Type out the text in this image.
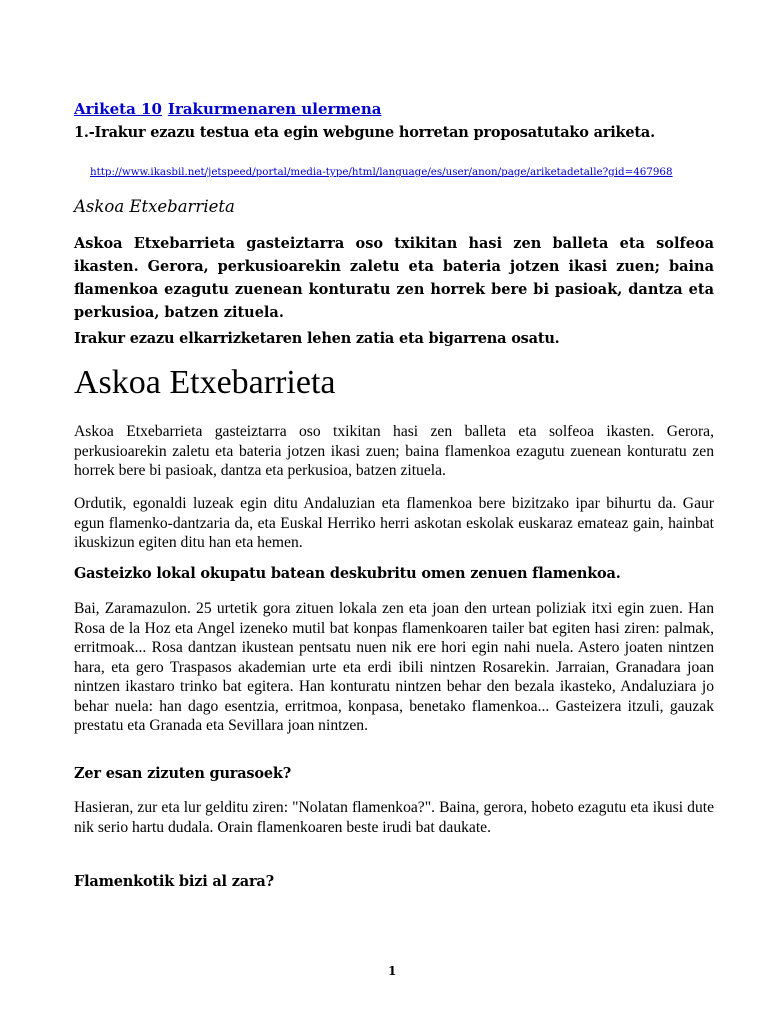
Ariketa 10 Irakurmenaren ulermena
1.-Irakur ezazu testua eta egin webgune horretan proposatutako ariketa.
http://www.ikasbil.net/jetspeed/portal/media-type/html/language/es/user/anon/page/ariketadetalle?gid=467968
Askoa Etxebarrieta

Askoa Etxebarrieta gasteiztarra oso txikitan hasi zen balleta eta solfeoa ikasten. Gerora, perkusioarekin zaletu eta bateria jotzen ikasi zuen; baina flamenkoa ezagutu zuenean konturatu zen horrek bere bi pasioak, dantza eta perkusioa, batzen zituela.

Irakur ezazu elkarrizketaren lehen zatia eta bigarrena osatu.

Askoa Etxebarrieta

Askoa Etxebarrieta gasteiztarra oso txikitan hasi zen balleta eta solfeoa ikasten. Gerora, perkusioarekin zaletu eta bateria jotzen ikasi zuen; baina flamenkoa ezagutu zuenean konturatu zen horrek bere bi pasioak, dantza eta perkusioa, batzen zituela.

Ordutik, egonaldi luzeak egin ditu Andaluzian eta flamenkoa bere bizitzako ipar bihurtu da. Gaur egun flamenko-dantzaria da, eta Euskal Herriko herri askotan eskolak euskaraz emateaz gain, hainbat ikuskizun egiten ditu han eta hemen.

Gasteizko lokal okupatu batean deskubritu omen zenuen flamenkoa.

Bai, Zaramazulon. 25 urtetik gora zituen lokala zen eta joan den urtean poliziak itxi egin zuen. Han Rosa de la Hoz eta Angel izeneko mutil bat konpas flamenkoaren tailer bat egiten hasi ziren: palmak, erritmoak... Rosa dantzan ikustean pentsatu nuen nik ere hori egin nahi nuela. Astero joaten nintzen hara, eta gero Traspasos akademian urte eta erdi ibili nintzen Rosarekin. Jarraian, Granadara joan nintzen ikastaro trinko bat egitera. Han konturatu nintzen behar den bezala ikasteko, Andaluziara jo behar nuela: han dago esentzia, erritmoa, konpasa, benetako flamenkoa... Gasteizera itzuli, gauzak prestatu eta Granada eta Sevillara joan nintzen.

Zer esan zizuten gurasoek?

Hasieran, zur eta lur gelditu ziren: "Nolatan flamenkoa?". Baina, gerora, hobeto ezagutu eta ikusi dute nik serio hartu dudala. Orain flamenkoaren beste irudi bat daukate.

Flamenkotik bizi al zara?

1
